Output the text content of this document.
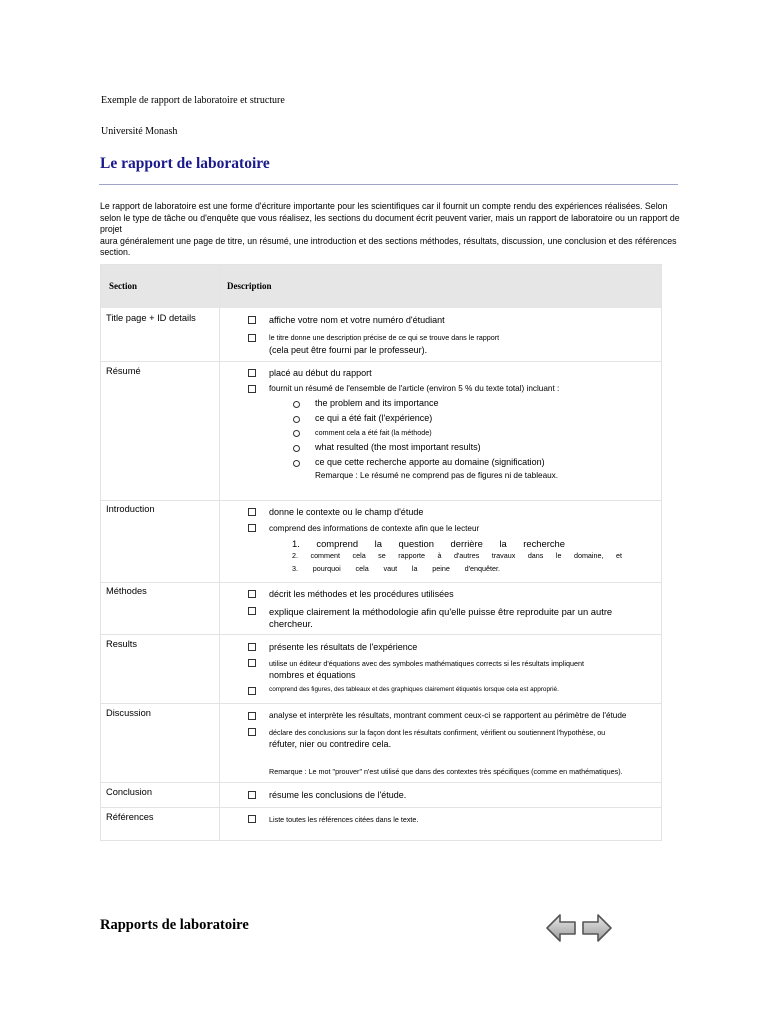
Exemple de rapport de laboratoire et structure
Université Monash
Le rapport de laboratoire

Le rapport de laboratoire est une forme d'écriture importante pour les scientifiques car il fournit un compte rendu des expériences réalisées. Selon

selon le type de tâche ou d'enquête que vous réalisez, les sections du document écrit peuvent varier, mais un rapport de laboratoire ou un rapport de projet

aura généralement une page de titre, un résumé, une introduction et des sections méthodes, résultats, discussion, une conclusion et des références

section.

Section	Description
Title page + ID details	affiche votre nom et votre numéro d'étudiant
le titre donne une description précise de ce qui se trouve dans le rapport
(cela peut être fourni par le professeur).
Résumé	placé au début du rapport
fournit un résumé de l'ensemble de l'article (environ 5 % du texte total) incluant :
the problem and its importance
ce qui a été fait (l'expérience)
comment cela a été fait (la méthode)
what resulted (the most important results)
ce que cette recherche apporte au domaine (signification)
Remarque : Le résumé ne comprend pas de figures ni de tableaux.
Introduction	donne le contexte ou le champ d'étude
comprend des informations de contexte afin que le lecteur
1. comprend la question derrière la recherche
2. comment cela se rapporte à d'autres travaux dans le domaine, et
3. pourquoi cela vaut la peine d'enquêter.
Méthodes	décrit les méthodes et les procédures utilisées
explique clairement la méthodologie afin qu'elle puisse être reproduite par un autre
chercheur.
Results	présente les résultats de l'expérience
utilise un éditeur d'équations avec des symboles mathématiques corrects si les résultats impliquent
nombres et équations
comprend des figures, des tableaux et des graphiques clairement étiquetés lorsque cela est approprié.
Discussion	analyse et interprète les résultats, montrant comment ceux-ci se rapportent au périmètre de l'étude
déclare des conclusions sur la façon dont les résultats confirment, vérifient ou soutiennent l'hypothèse, ou
réfuter, nier ou contredire cela.
Remarque : Le mot "prouver" n'est utilisé que dans des contextes très spécifiques (comme en mathématiques).
Conclusion	résume les conclusions de l'étude.
Références	Liste toutes les références citées dans le texte.
Rapports de laboratoire
